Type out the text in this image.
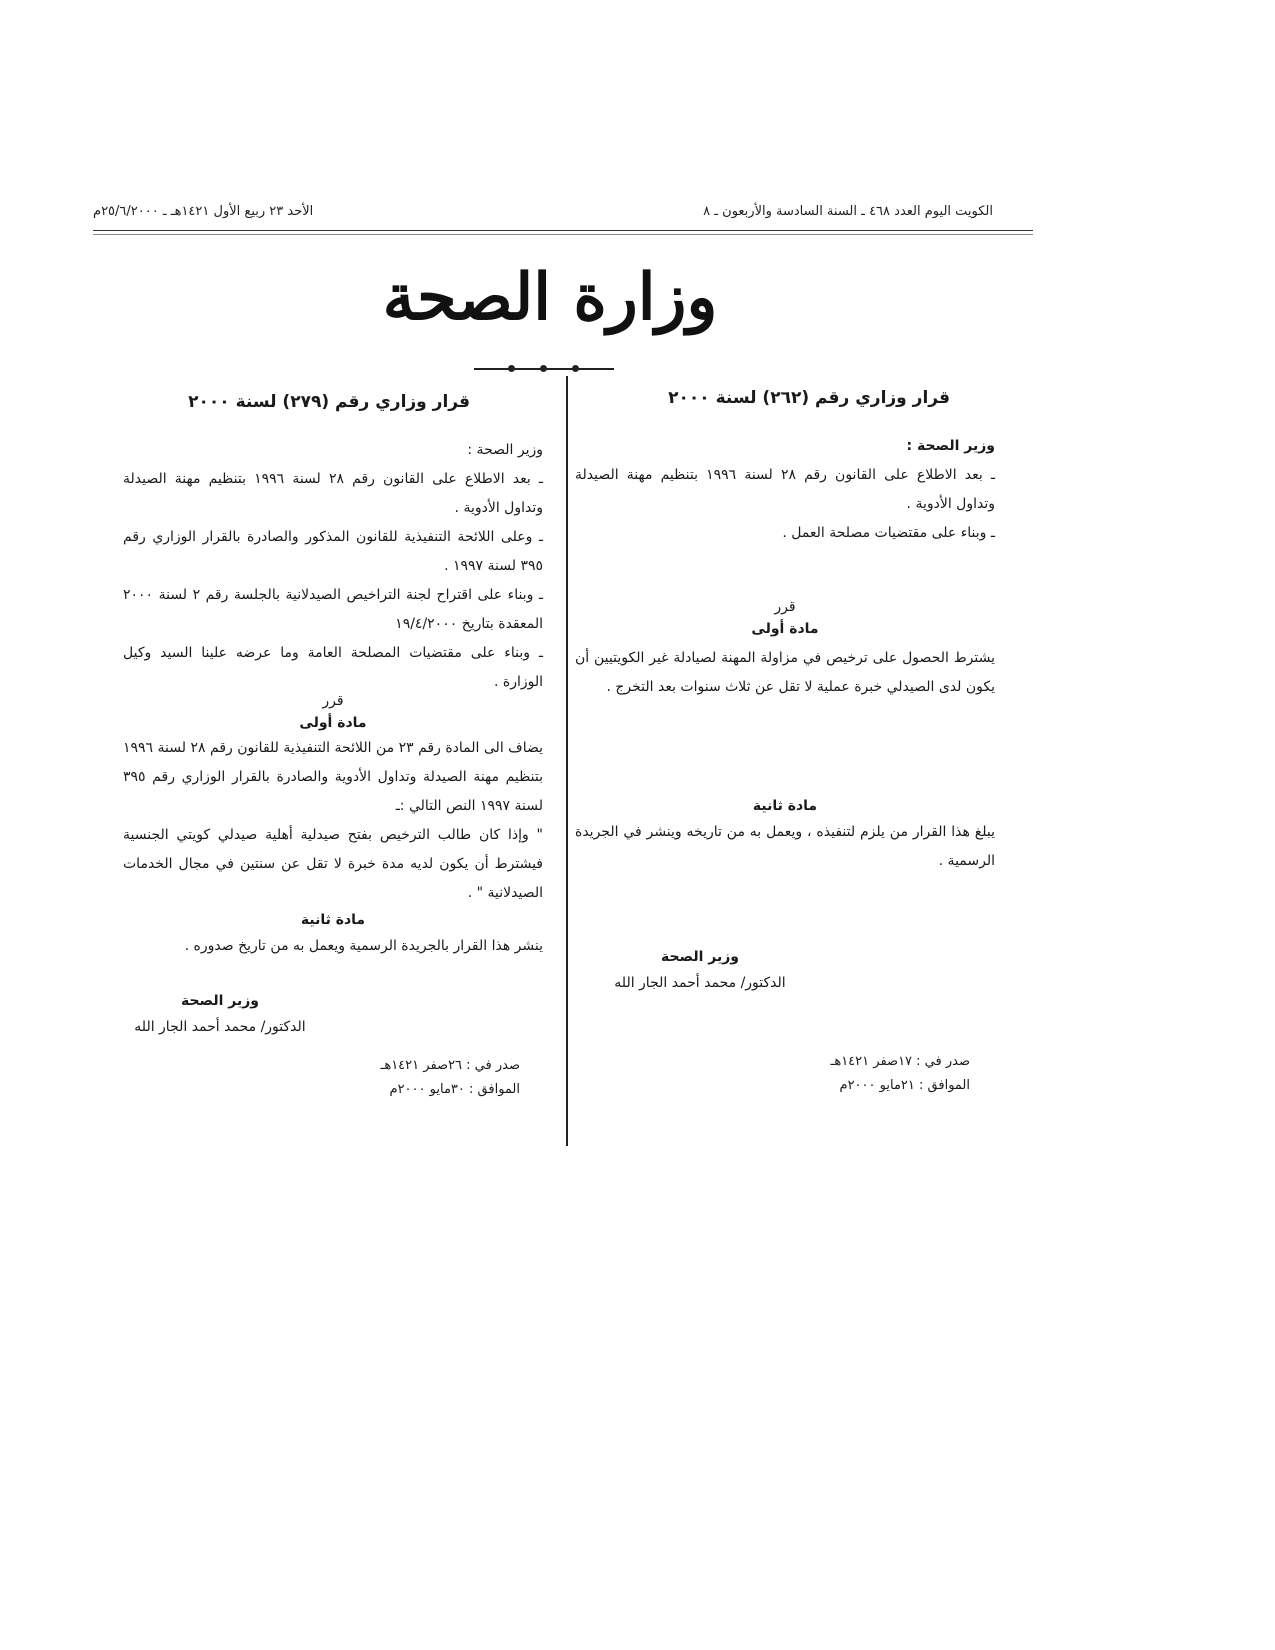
الكويت اليوم العدد ٤٦٨ ـ السنة السادسة والأربعون ـ ٨
الأحد ٢٣ ربيع الأول ١٤٢١هـ ـ ٢٥/٦/٢٠٠٠م
وزارة الصحة
قرار وزاري رقم (٢٦٢) لسنة ٢٠٠٠
وزير الصحة :
ـ بعد الاطلاع على القانون رقم ٢٨ لسنة ١٩٩٦ بتنظيم مهنة الصيدلة وتداول الأدوية .
ـ وبناء على مقتضيات مصلحة العمل .
قرر
مادة أولى
يشترط الحصول على ترخيص في مزاولة المهنة لصيادلة غير الكويتيين أن يكون لدى الصيدلي خبرة عملية لا تقل عن ثلاث سنوات بعد التخرج .
مادة ثانية
يبلغ هذا القرار من يلزم لتنفيذه ، ويعمل به من تاريخه وينشر في الجريدة الرسمية .
وزير الصحة
الدكتور/ محمد أحمد الجار الله
صدر في : ١٧صفر ١٤٢١هـ
الموافق : ٢١مايو ٢٠٠٠م
قرار وزاري رقم (٢٧٩) لسنة ٢٠٠٠
وزير الصحة :
ـ بعد الاطلاع على القانون رقم ٢٨ لسنة ١٩٩٦ بتنظيم مهنة الصيدلة وتداول الأدوية .
ـ وعلى اللائحة التنفيذية للقانون المذكور والصادرة بالقرار الوزاري رقم ٣٩٥ لسنة ١٩٩٧ .
ـ وبناء على اقتراح لجنة التراخيص الصيدلانية بالجلسة رقم ٢ لسنة ٢٠٠٠ المعقدة بتاريخ ١٩/٤/٢٠٠٠
ـ وبناء على مقتضيات المصلحة العامة وما عرضه علينا السيد وكيل الوزارة .
قرر
مادة أولى
يضاف الى المادة رقم ٢٣ من اللائحة التنفيذية للقانون رقم ٢٨ لسنة ١٩٩٦ بتنظيم مهنة الصيدلة وتداول الأدوية والصادرة بالقرار الوزاري رقم ٣٩٥ لسنة ١٩٩٧ النص التالي :ـ
" وإذا كان طالب الترخيص بفتح صيدلية أهلية صيدلي كويتي الجنسية فيشترط أن يكون لديه مدة خبرة لا تقل عن سنتين في مجال الخدمات الصيدلانية " .
مادة ثانية
ينشر هذا القرار بالجريدة الرسمية ويعمل به من تاريخ صدوره .
وزير الصحة
الدكتور/ محمد أحمد الجار الله
صدر في : ٢٦صفر ١٤٢١هـ
الموافق : ٣٠مايو ٢٠٠٠م
